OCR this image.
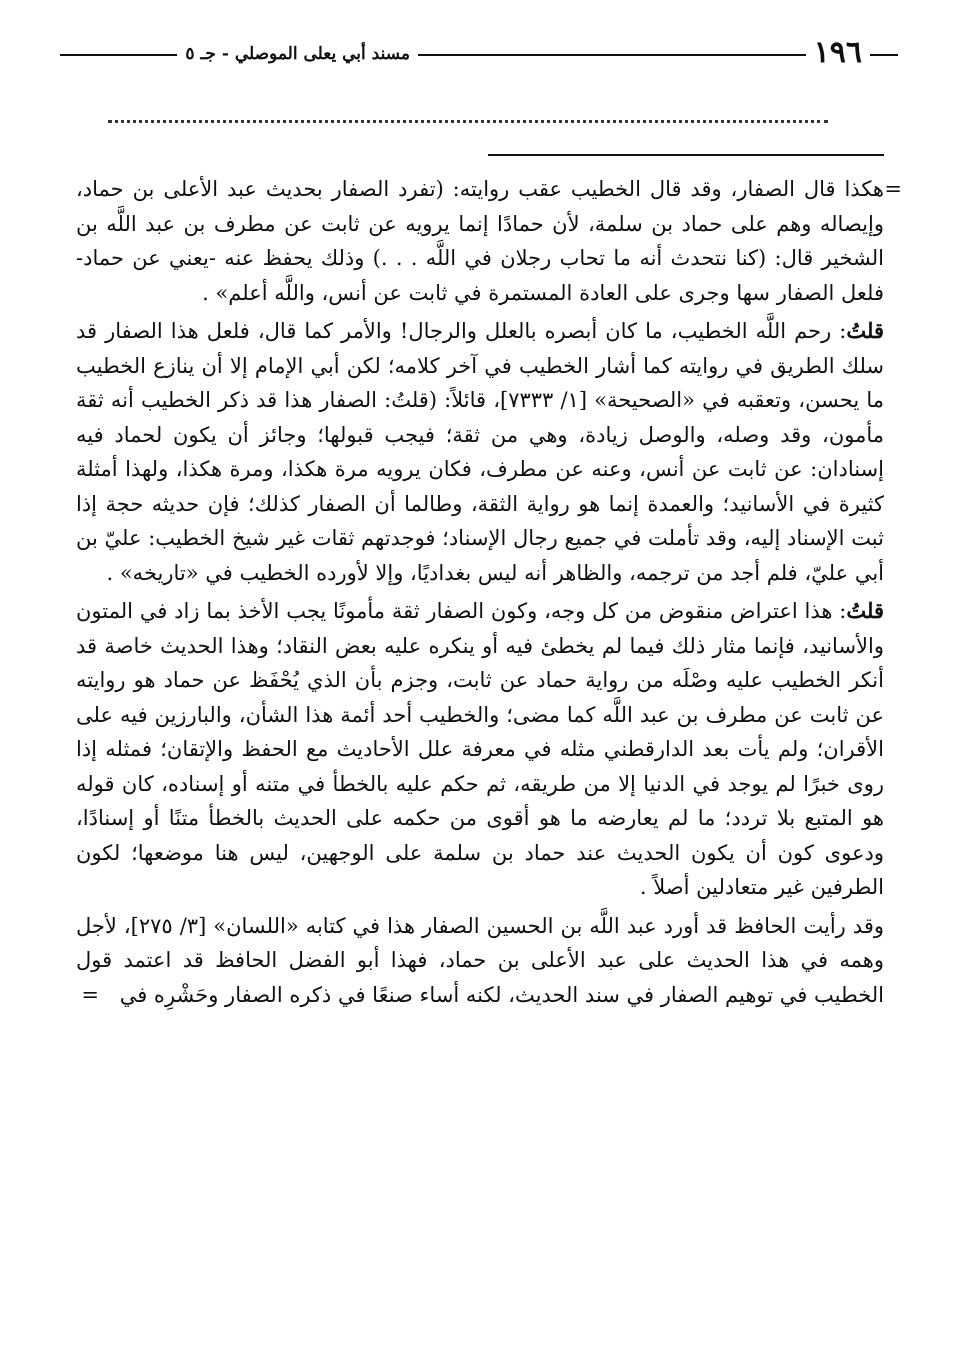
١٩٦
مسند أبي يعلى الموصلي - جـ ٥

=
هكذا قال الصفار، وقد قال الخطيب عقب روايته: (تفرد الصفار بحديث عبد الأعلى بن حماد، وإيصاله وهم على حماد بن سلمة، لأن حمادًا إنما يرويه عن ثابت عن مطرف بن عبد اللَّه بن الشخير قال: (كنا نتحدث أنه ما تحاب رجلان في اللَّه . . .) وذلك يحفظ عنه -يعني عن حماد- فلعل الصفار سها وجرى على العادة المستمرة في ثابت عن أنس، واللَّه أعلم» .

قلتُ: رحم اللَّه الخطيب، ما كان أبصره بالعلل والرجال! والأمر كما قال، فلعل هذا الصفار قد سلك الطريق في روايته كما أشار الخطيب في آخر كلامه؛ لكن أبي الإمام إلا أن ينازع الخطيب ما يحسن، وتعقبه في «الصحيحة» [١/ ٧٣٣٣]، قائلاً: (قلتُ: الصفار هذا قد ذكر الخطيب أنه ثقة مأمون، وقد وصله، والوصل زيادة، وهي من ثقة؛ فيجب قبولها؛ وجائز أن يكون لحماد فيه إسنادان: عن ثابت عن أنس، وعنه عن مطرف، فكان يرويه مرة هكذا، ومرة هكذا، ولهذا أمثلة كثيرة في الأسانيد؛ والعمدة إنما هو رواية الثقة، وطالما أن الصفار كذلك؛ فإن حديثه حجة إذا ثبت الإسناد إليه، وقد تأملت في جميع رجال الإسناد؛ فوجدتهم ثقات غير شيخ الخطيب: عليّ بن أبي عليّ، فلم أجد من ترجمه، والظاهر أنه ليس بغداديًا، وإلا لأورده الخطيب في «تاريخه» .

قلتُ: هذا اعتراض منقوض من كل وجه، وكون الصفار ثقة مأمونًا يجب الأخذ بما زاد في المتون والأسانيد، فإنما مثار ذلك فيما لم يخطئ فيه أو ينكره عليه بعض النقاد؛ وهذا الحديث خاصة قد أنكر الخطيب عليه وصْلَه من رواية حماد عن ثابت، وجزم بأن الذي يُحْفَظ عن حماد هو روايته عن ثابت عن مطرف بن عبد اللَّه كما مضى؛ والخطيب أحد أئمة هذا الشأن، والبارزين فيه على الأقران؛ ولم يأت بعد الدارقطني مثله في معرفة علل الأحاديث مع الحفظ والإتقان؛ فمثله إذا روى خبرًا لم يوجد في الدنيا إلا من طريقه، ثم حكم عليه بالخطأ في متنه أو إسناده، كان قوله هو المتبع بلا تردد؛ ما لم يعارضه ما هو أقوى من حكمه على الحديث بالخطأ متنًا أو إسنادًا، ودعوى كون أن يكون الحديث عند حماد بن سلمة على الوجهين، ليس هنا موضعها؛ لكون الطرفين غير متعادلين أصلاً .

وقد رأيت الحافظ قد أورد عبد اللَّه بن الحسين الصفار هذا في كتابه «اللسان» [٣/ ٢٧٥]، لأجل وهمه في هذا الحديث على عبد الأعلى بن حماد، فهذا أبو الفضل الحافظ قد اعتمد قول الخطيب في توهيم الصفار في سند الحديث، لكنه أساء صنعًا في ذكره الصفار وحَشْرِه في =
